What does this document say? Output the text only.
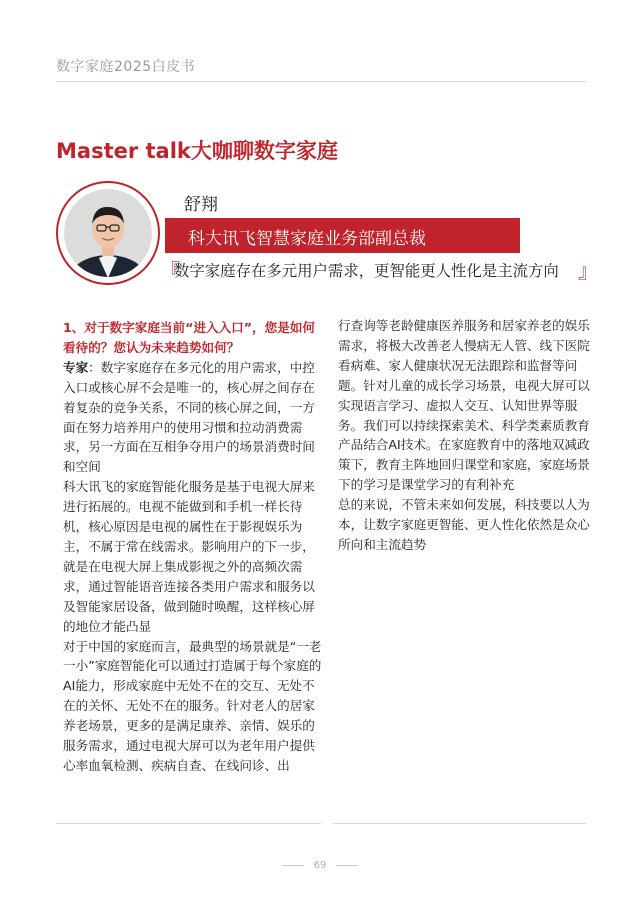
数字家庭2025白皮书
Master talk大咖聊数字家庭
舒翔
科大讯飞智慧家庭业务部副总裁
『
数字家庭存在多元用户需求，更智能更人性化是主流方向 』

1、对于数字家庭当前“进入入口”，您是如何看待的？您认为未来趋势如何？

专家：数字家庭存在多元化的用户需求，中控入口或核心屏不会是唯一的，核心屏之间存在着复杂的竞争关系，不同的核心屏之间，一方面在努力培养用户的使用习惯和拉动消费需求，另一方面在互相争夺用户的场景消费时间和空间

科大讯飞的家庭智能化服务是基于电视大屏来进行拓展的。电视不能做到和手机一样长待机，核心原因是电视的属性在于影视娱乐为主，不属于常在线需求。影响用户的下一步，就是在电视大屏上集成影视之外的高频次需求，通过智能语音连接各类用户需求和服务以及智能家居设备，做到随时唤醒，这样核心屏的地位才能凸显

对于中国的家庭而言，最典型的场景就是“一老一小”家庭智能化可以通过打造属于每个家庭的AI能力，形成家庭中无处不在的交互、无处不在的关怀、无处不在的服务。针对老人的居家养老场景，更多的是满足康养、亲情、娱乐的服务需求，通过电视大屏可以为老年用户提供心率血氧检测、疾病自查、在线问诊、出

行查询等老龄健康医养服务和居家养老的娱乐需求，将极大改善老人慢病无人管、线下医院看病难、家人健康状况无法跟踪和监督等问题。针对儿童的成长学习场景，电视大屏可以实现语言学习、虚拟人交互、认知世界等服务。我们可以持续探索美术、科学类素质教育产品结合AI技术。在家庭教育中的落地双减政策下，教育主阵地回归课堂和家庭，家庭场景下的学习是课堂学习的有利补充

总的来说，不管未来如何发展，科技要以人为本，让数字家庭更智能、更人性化依然是众心所向和主流趋势

69
